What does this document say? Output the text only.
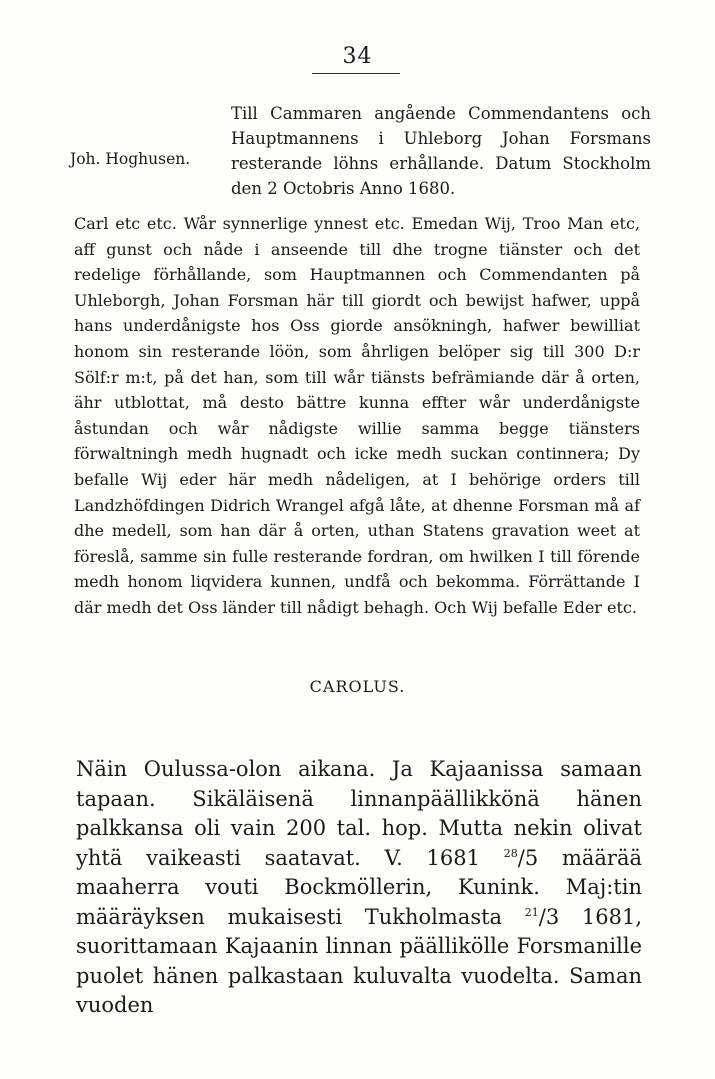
34
Joh. Hoghusen.
Till Cammaren angående Commendantens och Hauptmannens i Uhleborg Johan Forsmans resterande löhns erhållande. Datum Stockholm den 2 Octobris Anno 1680.
Carl etc etc. Wår synnerlige ynnest etc. Emedan Wij, Troo Man etc, aff gunst och nåde i anseende till dhe trogne tiänster och det redelige förhållande, som Hauptmannen och Commendanten på Uhleborgh, Johan Forsman här till giordt och bewijst hafwer, uppå hans underdånigste hos Oss giorde ansökningh, hafwer bewilliat honom sin resterande löön, som åhrligen belöper sig till 300 D:r Sölf:r m:t, på det han, som till wår tiänsts befrämiande där å orten, ähr utblottat, må desto bättre kunna effter wår underdånigste åstundan och wår nådigste willie samma begge tiänsters förwaltningh medh hugnadt och icke medh suckan continnera; Dy befalle Wij eder här medh nådeligen, at I behörige orders till Landzhöfdingen Didrich Wrangel afgå låte, at dhenne Forsman må af dhe medell, som han där å orten, uthan Statens gravation weet at föreslå, samme sin fulle resterande fordran, om hwilken I till förende medh honom liqvidera kunnen, undfå och bekomma. Förrättande I där medh det Oss länder till nådigt behagh. Och Wij befalle Eder etc.
CAROLUS.
Näin Oulussa-olon aikana. Ja Kajaanissa samaan tapaan. Sikäläisenä linnanpäällikkönä hänen palkkansa oli vain 200 tal. hop. Mutta nekin olivat yhtä vaikeasti saatavat. V. 1681 $^{28}$/5 määrää maaherra vouti Bockmöllerin, Kunink. Maj:tin määräyksen mukaisesti Tukholmasta $^{21}$/3 1681, suorittamaan Kajaanin linnan päälliköllе Forsmanille puolet hänen palkastaan kuluvalta vuodelta. Saman vuoden
